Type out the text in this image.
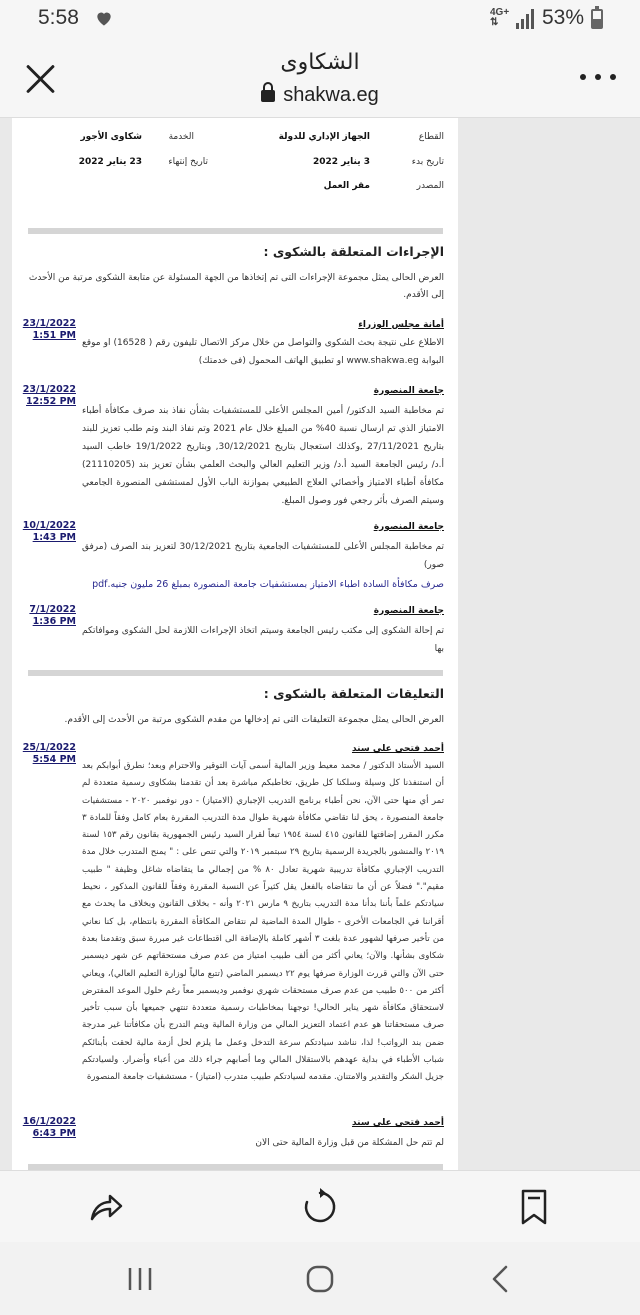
5:58	4G+
⇅	53%
الشكاوى
shakwa.eg
القطاع
الجهاز الإداري للدولة
الخدمة
شكاوى الأجور
تاريخ بدء
3 يناير 2022
تاريخ إنتهاء
23 يناير 2022
المصدر
مقر العمل
الإجراءات المتعلقة بالشكوى :
العرض الحالى يمثل مجموعة الإجراءات التى تم إتخاذها من الجهة المسئولة عن متابعة الشكوى مرتبة من الأحدث إلى الأقدم.
23/1/2022
1:51 PM
أمانة مجلس الوزراء
الاطلاع على نتيجة بحث الشكوى والتواصل من خلال مركز الاتصال تليفون رقم ( 16528) او موقع البوابة www.shakwa.eg او تطبيق الهاتف المحمول (فى خدمتك)
23/1/2022
12:52 PM
جامعة المنصورة
تم مخاطبة السيد الدكتور/ أمين المجلس الأعلى للمستشفيات بشأن نفاذ بند صرف مكافأة أطباء الامتياز الذي تم ارسال نسبة 40% من المبلغ خلال عام 2021 وتم نفاذ البند وتم طلب تعزيز للبند بتاريخ 27/11/2021 ,وكذلك استعجال بتاريخ 30/12/2021, وبتاريخ 19/1/2022 خاطب السيد أ.د/ رئيس الجامعة السيد أ.د/ وزير التعليم العالي والبحث العلمي بشأن تعزيز بند (21110205) مكافأة أطباء الامتياز وأخصائي العلاج الطبيعي بموازنة الباب الأول لمستشفى المنصورة الجامعي وسيتم الصرف بأثر رجعي فور وصول المبلغ.
10/1/2022
1:43 PM
جامعة المنصورة
تم مخاطبة المجلس الأعلى للمستشفيات الجامعية بتاريخ 30/12/2021 لتعزيز بند الصرف (مرفق صور)
صرف مكافأة السادة اطباء الامتياز بمستشفيات جامعة المنصورة بمبلغ 26 مليون جنيه.pdf
7/1/2022
1:36 PM
جامعة المنصورة
تم إحالة الشكوى إلى مكتب رئيس الجامعة وسيتم اتخاذ الإجراءات اللازمة لحل الشكوى وموافاتكم بها
التعليقات المتعلقة بالشكوى :
العرض الحالى يمثل مجموعة التعليقات التى تم إدخالها من مقدم الشكوى مرتبة من الأحدث إلى الأقدم.
25/1/2022
5:54 PM
أحمد فتحي علي سند
السيد الأستاذ الدكتور / محمد معيط وزير المالية أسمى آيات التوقير والاحترام وبعد؛ نطرق أبوابكم بعد أن استنفذنا كل وسيلة وسلكنا كل طريق، تخاطبكم مباشرة بعد أن تقدمنا بشكاوى رسمية متعددة لم تمر أي منها حتى الآن، نحن أطباء برنامج التدريب الإجباري (الامتياز) - دور نوفمبر ٢٠٢٠ - مستشفيات جامعة المنصورة ، يحق لنا تقاضي مكافأة شهرية طوال مدة التدريب المقررة بعام كامل وفقاً للمادة ٣ مكرر المقرر إضافتها للقانون ٤١٥ لسنة ١٩٥٤ تبعاً لقرار السيد رئيس الجمهورية بقانون رقم ١٥٣ لسنة ٢٠١٩ والمنشور بالجريدة الرسمية بتاريخ ٢٩ سبتمبر ٢٠١٩ والتي تنص على : " يمنح المتدرب خلال مدة التدريب الإجباري مكافأة تدريبية شهرية تعادل ٨٠ % من إجمالي ما يتقاضاه شاغل وظيفة " طبيب مقيم"." فضلاً عن أن ما نتقاضاه بالفعل يقل كثيراً عن النسبة المقررة وفقاً للقانون المذكور ، نحيط سيادتكم علماً بأننا بدأنا مدة التدريب بتاريخ ٩ مارس ٢٠٢١ وأنه - بخلاف القانون وبخلاف ما يحدث مع أقراننا في الجامعات الأخرى - طوال المدة الماضية لم نتقاض المكافأة المقررة بانتظام، بل كنا نعاني من تأخير صرفها لشهور عدة بلغت ٣ أشهر كاملة بالإضافة الى اقتطاعات غير مبررة سبق وتقدمنا بعدة شكاوى بشأنها. والآن؛ يعاني أكثر من ألف طبيب امتياز من عدم صرف مستحقاتهم عن شهر ديسمبر حتى الآن والتي قررت الوزارة صرفها يوم ٢٢ ديسمبر الماضي (تتبع مالياً لوزارة التعليم العالي)، ويعاني أكثر من ٥٠٠ طبيب من عدم صرف مستحقات شهري نوفمبر وديسمبر معاً رغم حلول الموعد المفترض لاستحقاق مكافأة شهر يناير الحالي! توجهنا بمخاطبات رسمية متعددة تنتهي جميعها بأن سبب تأخير صرف مستحقاتنا هو عدم اعتماد التعزيز المالي من وزارة المالية ويتم التدرج بأن مكافأتنا غير مدرجة ضمن بند الرواتب! لذا، نناشد سيادتكم سرعة التدخل وعمل ما يلزم لحل أزمة مالية لحقت بأبنائكم شباب الأطباء في بداية عهدهم بالاستقلال المالي وما أصابهم جراء ذلك من أعباء وأضرار. ولسيادتكم جزيل الشكر والتقدير والامتنان. مقدمه لسيادتكم طبيب متدرب (امتياز) - مستشفيات جامعة المنصورة
16/1/2022
6:43 PM
أحمد فتحي علي سند
لم تتم حل المشكلة من قبل وزارة المالية حتى الان
